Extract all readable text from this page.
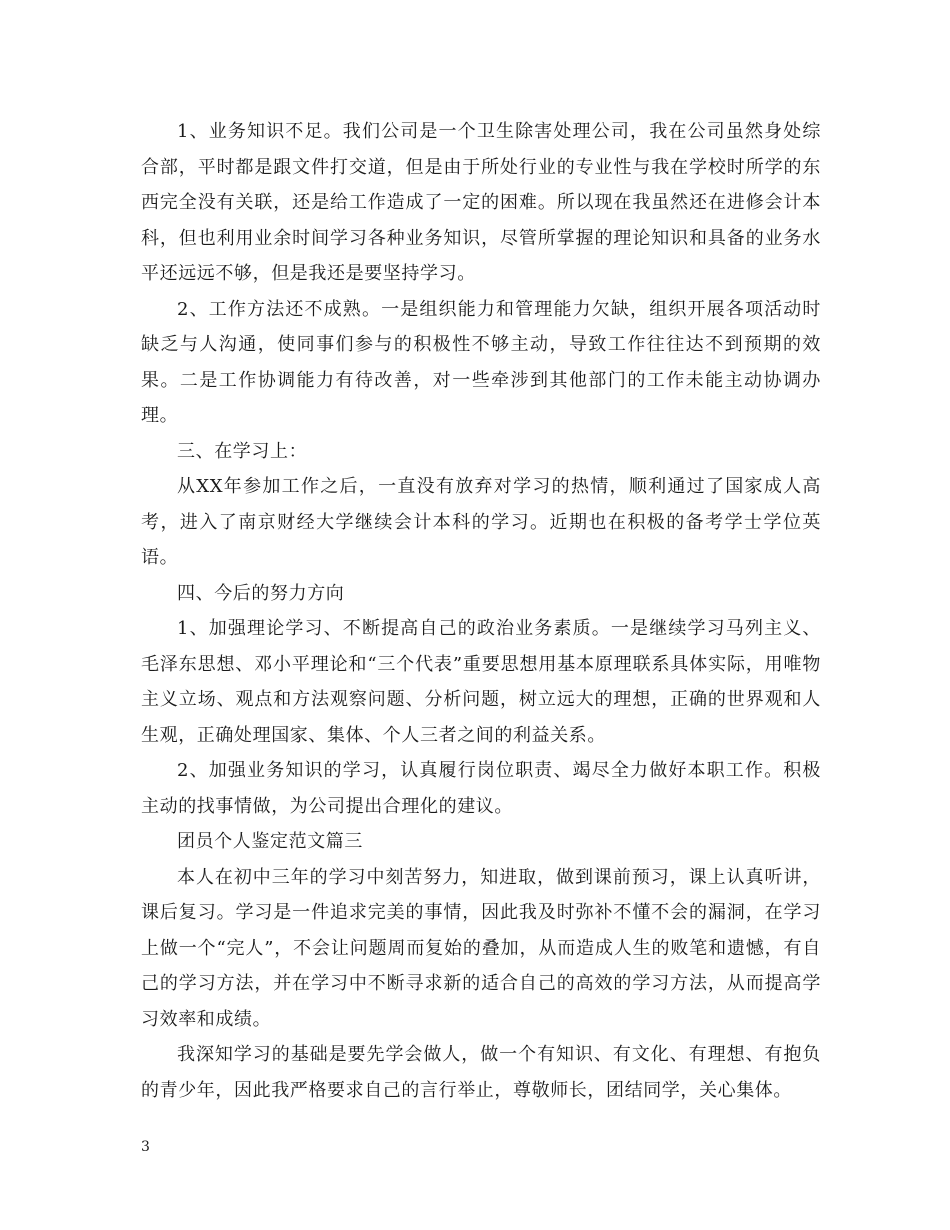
1、业务知识不足。我们公司是一个卫生除害处理公司，我在公司虽然身处综合部，平时都是跟文件打交道，但是由于所处行业的专业性与我在学校时所学的东西完全没有关联，还是给工作造成了一定的困难。所以现在我虽然还在进修会计本科，但也利用业余时间学习各种业务知识，尽管所掌握的理论知识和具备的业务水平还远远不够，但是我还是要坚持学习。

2、工作方法还不成熟。一是组织能力和管理能力欠缺，组织开展各项活动时缺乏与人沟通，使同事们参与的积极性不够主动，导致工作往往达不到预期的效果。二是工作协调能力有待改善，对一些牵涉到其他部门的工作未能主动协调办理。

三、在学习上：

从XX年参加工作之后，一直没有放弃对学习的热情，顺利通过了国家成人高考，进入了南京财经大学继续会计本科的学习。近期也在积极的备考学士学位英语。

四、今后的努力方向

1、加强理论学习、不断提高自己的政治业务素质。一是继续学习马列主义、毛泽东思想、邓小平理论和“三个代表”重要思想用基本原理联系具体实际，用唯物主义立场、观点和方法观察问题、分析问题，树立远大的理想，正确的世界观和人生观，正确处理国家、集体、个人三者之间的利益关系。

2、加强业务知识的学习，认真履行岗位职责、竭尽全力做好本职工作。积极主动的找事情做，为公司提出合理化的建议。

团员个人鉴定范文篇三

本人在初中三年的学习中刻苦努力，知进取，做到课前预习，课上认真听讲，课后复习。学习是一件追求完美的事情，因此我及时弥补不懂不会的漏洞，在学习上做一个“完人”，不会让问题周而复始的叠加，从而造成人生的败笔和遗憾，有自己的学习方法，并在学习中不断寻求新的适合自己的高效的学习方法，从而提高学习效率和成绩。

我深知学习的基础是要先学会做人，做一个有知识、有文化、有理想、有抱负的青少年，因此我严格要求自己的言行举止，尊敬师长，团结同学，关心集体。

3
